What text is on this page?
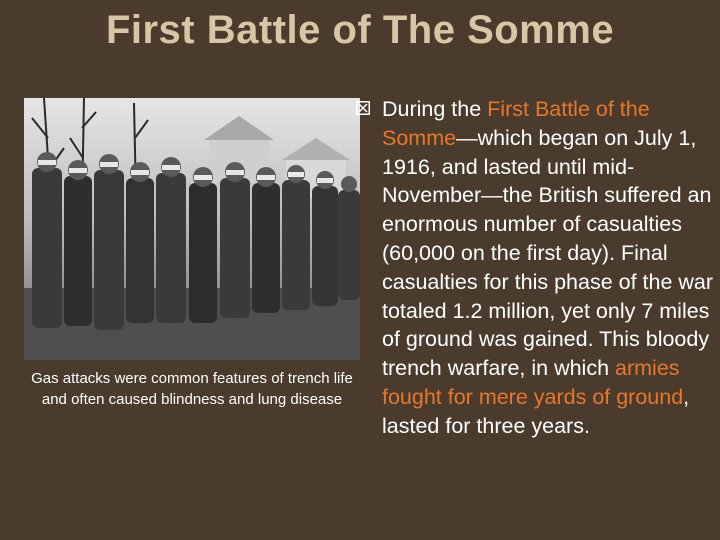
First Battle of The Somme
Gas attacks were common features of trench life and often caused blindness and lung disease
During the First Battle of the Somme—which began on July 1, 1916, and lasted until mid-November—the British suffered an enormous number of casualties (60,000 on the first day). Final casualties for this phase of the war totaled 1.2 million, yet only 7 miles of ground was gained. This bloody trench warfare, in which armies fought for mere yards of ground, lasted for three years.
